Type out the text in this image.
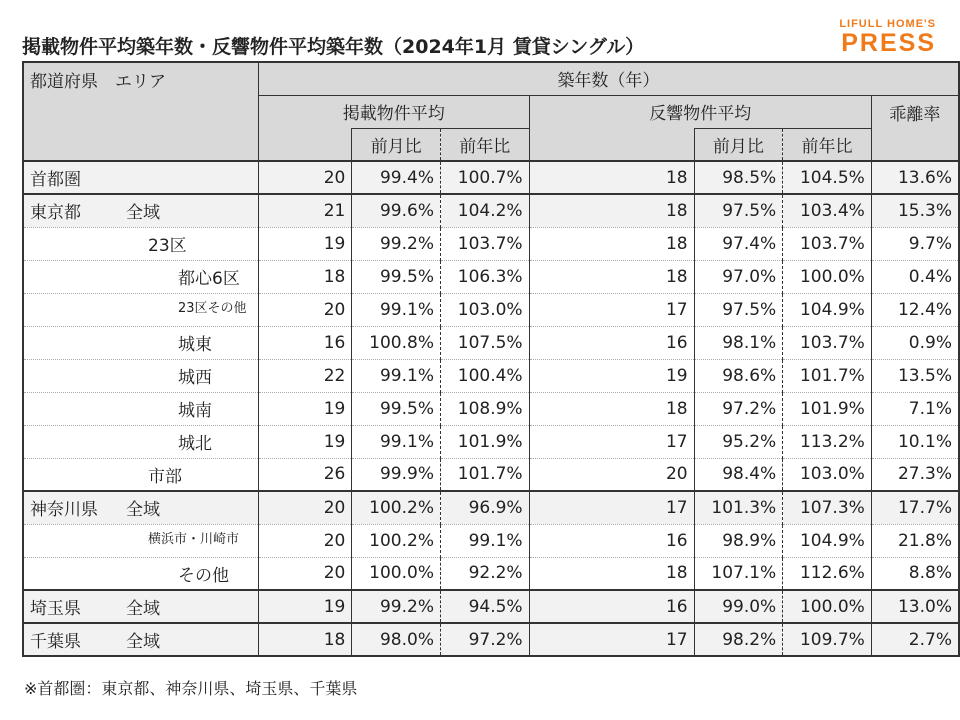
掲載物件平均築年数・反響物件平均築年数（2024年1月 賃貸シングル）
LIFULL HOME'S
PRESS
都道府県　エリア	築年数（年）						
	掲載物件平均			反響物件平均			乖離率
		前月比	前年比		前月比	前年比	

首都圏	20	99.4%	100.7%	18	98.5%	104.5%	13.6%

東京都 全域	21	99.6%	104.2%	18	97.5%	103.4%	15.3%

23区	19	99.2%	103.7%	18	97.4%	103.7%	9.7%

都心6区	18	99.5%	106.3%	18	97.0%	100.0%	0.4%

23区その他	20	99.1%	103.0%	17	97.5%	104.9%	12.4%

城東	16	100.8%	107.5%	16	98.1%	103.7%	0.9%

城西	22	99.1%	100.4%	19	98.6%	101.7%	13.5%

城南	19	99.5%	108.9%	18	97.2%	101.9%	7.1%

城北	19	99.1%	101.9%	17	95.2%	113.2%	10.1%

市部	26	99.9%	101.7%	20	98.4%	103.0%	27.3%

神奈川県 全域	20	100.2%	96.9%	17	101.3%	107.3%	17.7%

横浜市・川崎市	20	100.2%	99.1%	16	98.9%	104.9%	21.8%

その他	20	100.0%	92.2%	18	107.1%	112.6%	8.8%

埼玉県 全域	19	99.2%	94.5%	16	99.0%	100.0%	13.0%

千葉県 全域	18	98.0%	97.2%	17	98.2%	109.7%	2.7%
※首都圏：東京都、神奈川県、埼玉県、千葉県
